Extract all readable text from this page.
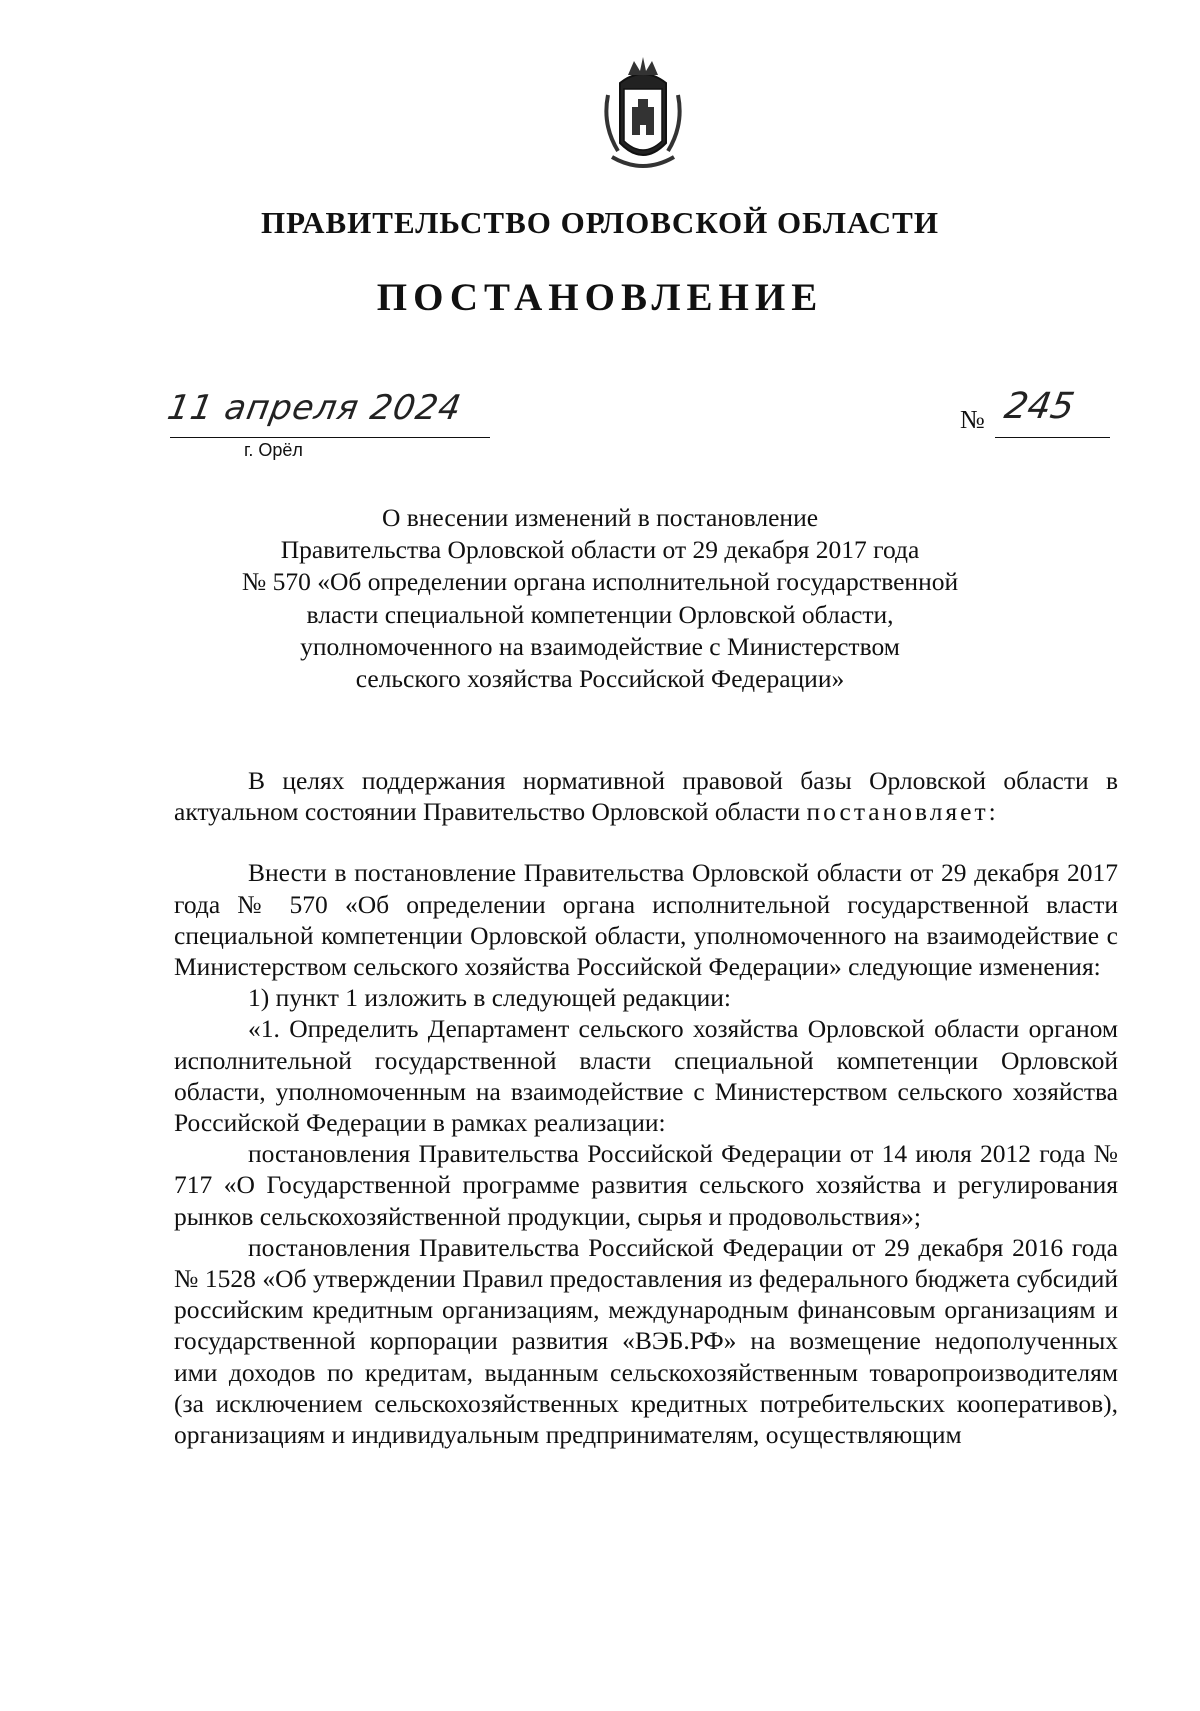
ПРАВИТЕЛЬСТВО ОРЛОВСКОЙ ОБЛАСТИ
ПОСТАНОВЛЕНИЕ
11 апреля 2024
г. Орёл
№ 245
О внесении изменений в постановление
Правительства Орловской области от 29 декабря 2017 года
№ 570 «Об определении органа исполнительной государственной
власти специальной компетенции Орловской области,
уполномоченного на взаимодействие с Министерством
сельского хозяйства Российской Федерации»

В целях поддержания нормативной правовой базы Орловской области в актуальном состоянии Правительство Орловской области постановляет:

Внести в постановление Правительства Орловской области от 29 декабря 2017 года № 570 «Об определении органа исполнительной государственной власти специальной компетенции Орловской области, уполномоченного на взаимодействие с Министерством сельского хозяйства Российской Федерации» следующие изменения:

1) пункт 1 изложить в следующей редакции:

«1. Определить Департамент сельского хозяйства Орловской области органом исполнительной государственной власти специальной компетенции Орловской области, уполномоченным на взаимодействие с Министерством сельского хозяйства Российской Федерации в рамках реализации:

постановления Правительства Российской Федерации от 14 июля 2012 года № 717 «О Государственной программе развития сельского хозяйства и регулирования рынков сельскохозяйственной продукции, сырья и продовольствия»;

постановления Правительства Российской Федерации от 29 декабря 2016 года № 1528 «Об утверждении Правил предоставления из федерального бюджета субсидий российским кредитным организациям, международным финансовым организациям и государственной корпорации развития «ВЭБ.РФ» на возмещение недополученных ими доходов по кредитам, выданным сельскохозяйственным товаропроизводителям (за исключением сельскохозяйственных кредитных потребительских кооперативов), организациям и индивидуальным предпринимателям, осуществляющим
